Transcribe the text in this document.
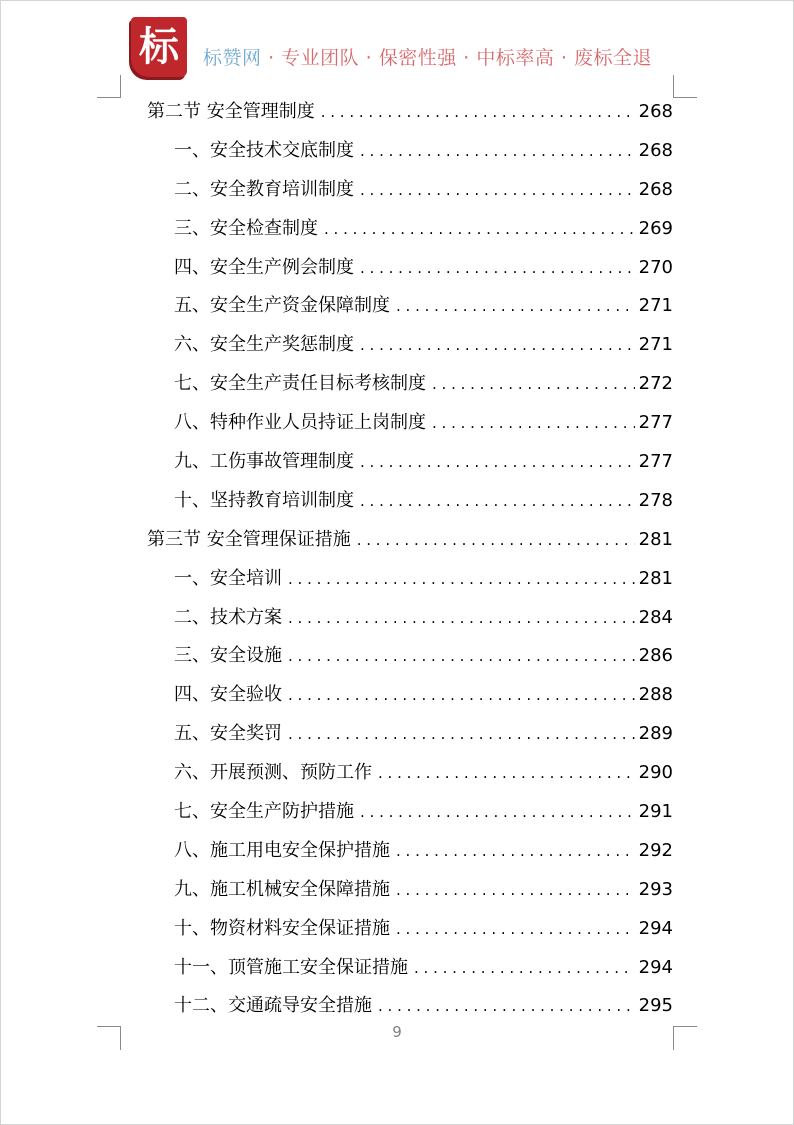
标 标赞网 · 专业团队 · 保密性强 · 中标率高 · 废标全退
第二节 安全管理制度 . . .	268
一、安全技术交底制度 . . .	268
二、安全教育培训制度 . . .	268
三、安全检查制度 . . .	269
四、安全生产例会制度 . . .	270
五、安全生产资金保障制度 . . .	271
六、安全生产奖惩制度 . . .	271
七、安全生产责任目标考核制度 . . .	272
八、特种作业人员持证上岗制度 . . .	277
九、工伤事故管理制度 . . .	277
十、坚持教育培训制度 . . .	278
第三节 安全管理保证措施 . . .	281
一、安全培训 . . .	281
二、技术方案 . . .	284
三、安全设施 . . .	286
四、安全验收 . . .	288
五、安全奖罚 . . .	289
六、开展预测、预防工作 . . .	290
七、安全生产防护措施 . . .	291
八、施工用电安全保护措施 . . .	292
九、施工机械安全保障措施 . . .	293
十、物资材料安全保证措施 . . .	294
十一、顶管施工安全保证措施 . . .	294
十二、交通疏导安全措施 . . .	295
9
